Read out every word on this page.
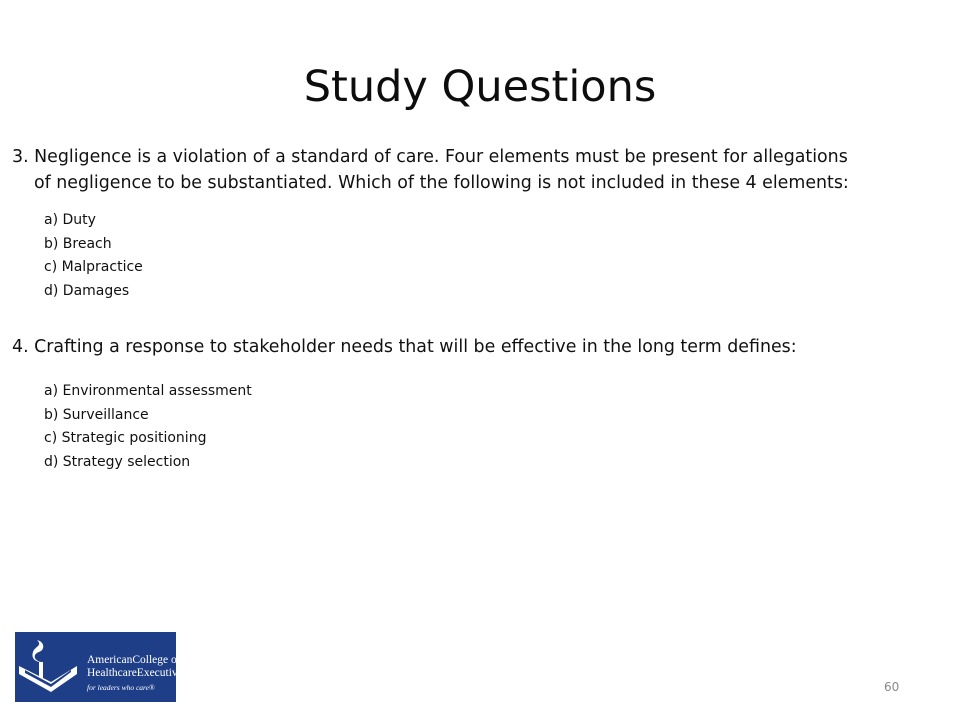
Study Questions
3. Negligence is a violation of a standard of care. Four elements must be present for allegations
of negligence to be substantiated. Which of the following is not included in these 4 elements:
a) Duty
b) Breach
c) Malpractice
d) Damages
4. Crafting a response to stakeholder needs that will be effective in the long term defines:
a) Environmental assessment
b) Surveillance
c) Strategic positioning
d) Strategy selection
AmericanCollege of
HealthcareExecutives
for leaders who care®	60
